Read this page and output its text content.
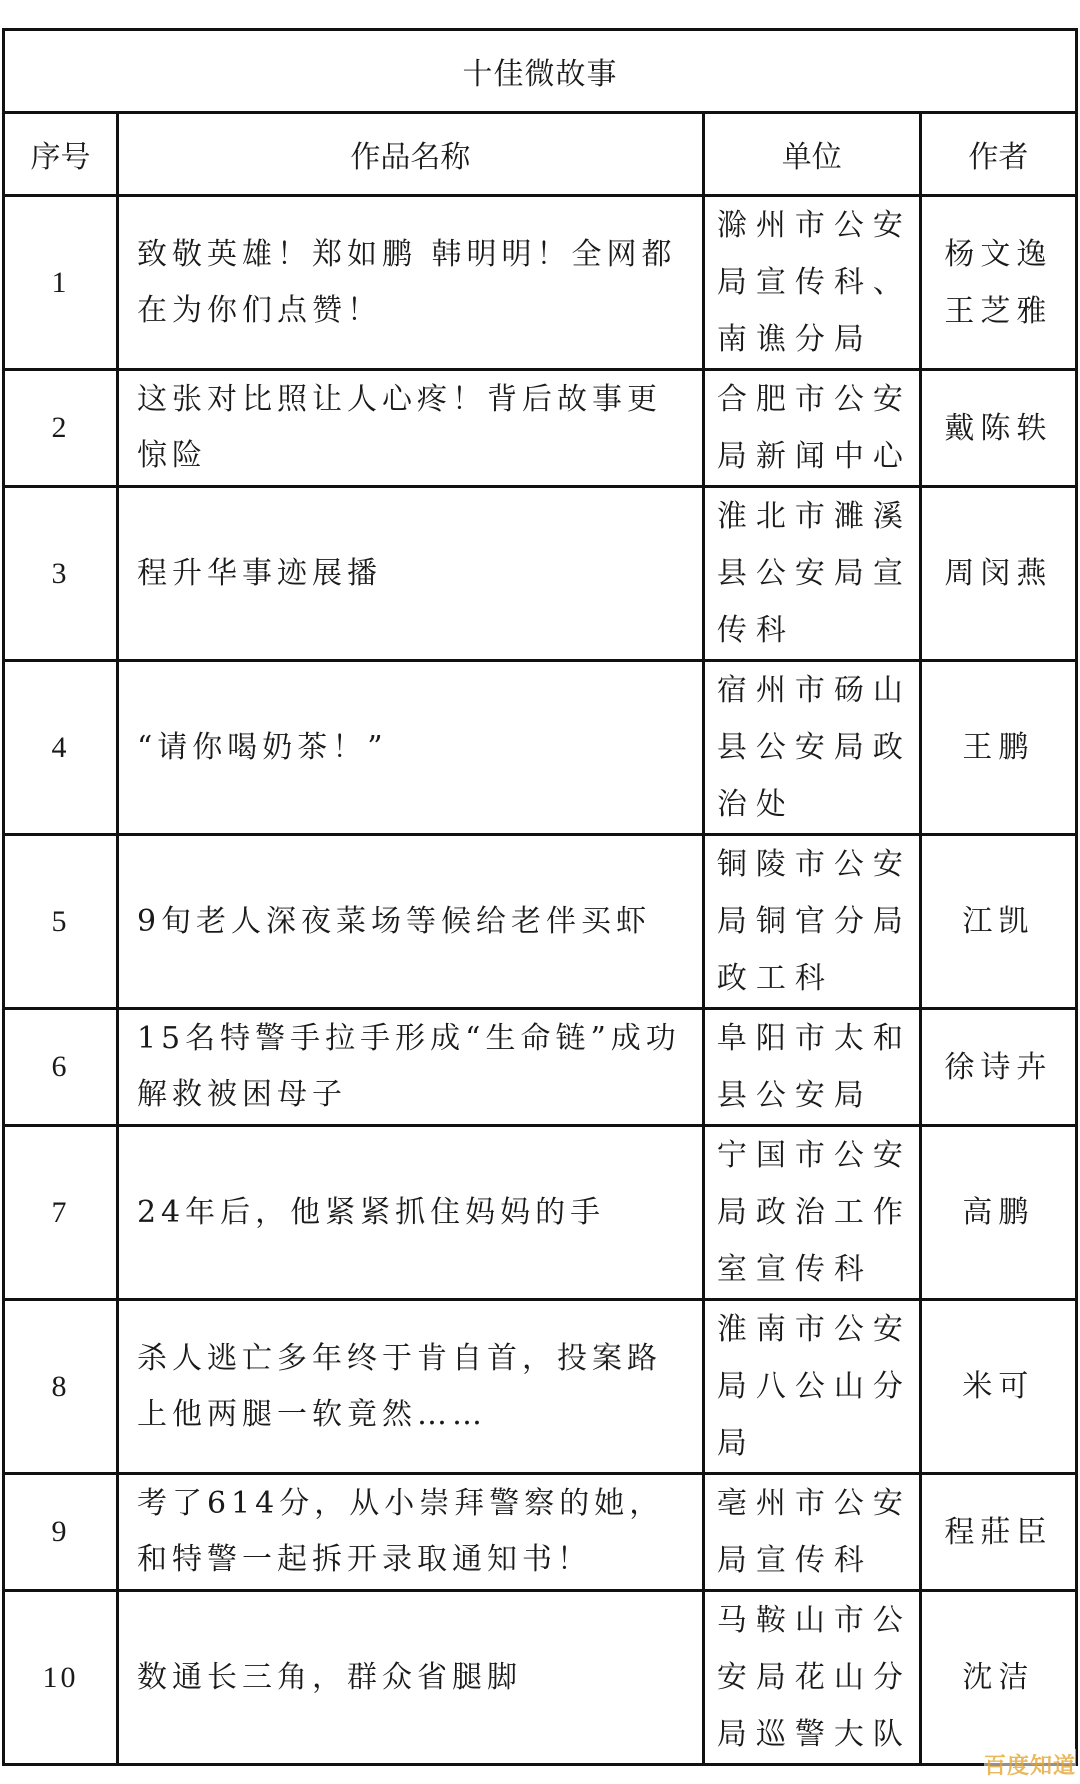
十佳微故事			
序号	作品名称	单位	作者
1	致敬英雄！郑如鹏 韩明明！全网都在为你们点赞！	滁州市公安局宣传科、南谯分局	杨文逸
王芝雅

2	这张对比照让人心疼！背后故事更惊险	合肥市公安局新闻中心	戴陈轶

3	程升华事迹展播	淮北市濉溪县公安局宣传科	周闵燕

4	“请你喝奶茶！”	宿州市砀山县公安局政治处	王鹏

5	9旬老人深夜菜场等候给老伴买虾	铜陵市公安局铜官分局政工科	江凯

6	15名特警手拉手形成“生命链”成功解救被困母子	阜阳市太和县公安局	徐诗卉

7	24年后，他紧紧抓住妈妈的手	宁国市公安局政治工作室宣传科	高鹏

8	杀人逃亡多年终于肯自首，投案路上他两腿一软竟然……	淮南市公安局八公山分局	米可

9	考了614分，从小崇拜警察的她，和特警一起拆开录取通知书！	亳州市公安局宣传科	程莊臣

10	数通长三角，群众省腿脚	马鞍山市公安局花山分局巡警大队	沈洁
百度知道
